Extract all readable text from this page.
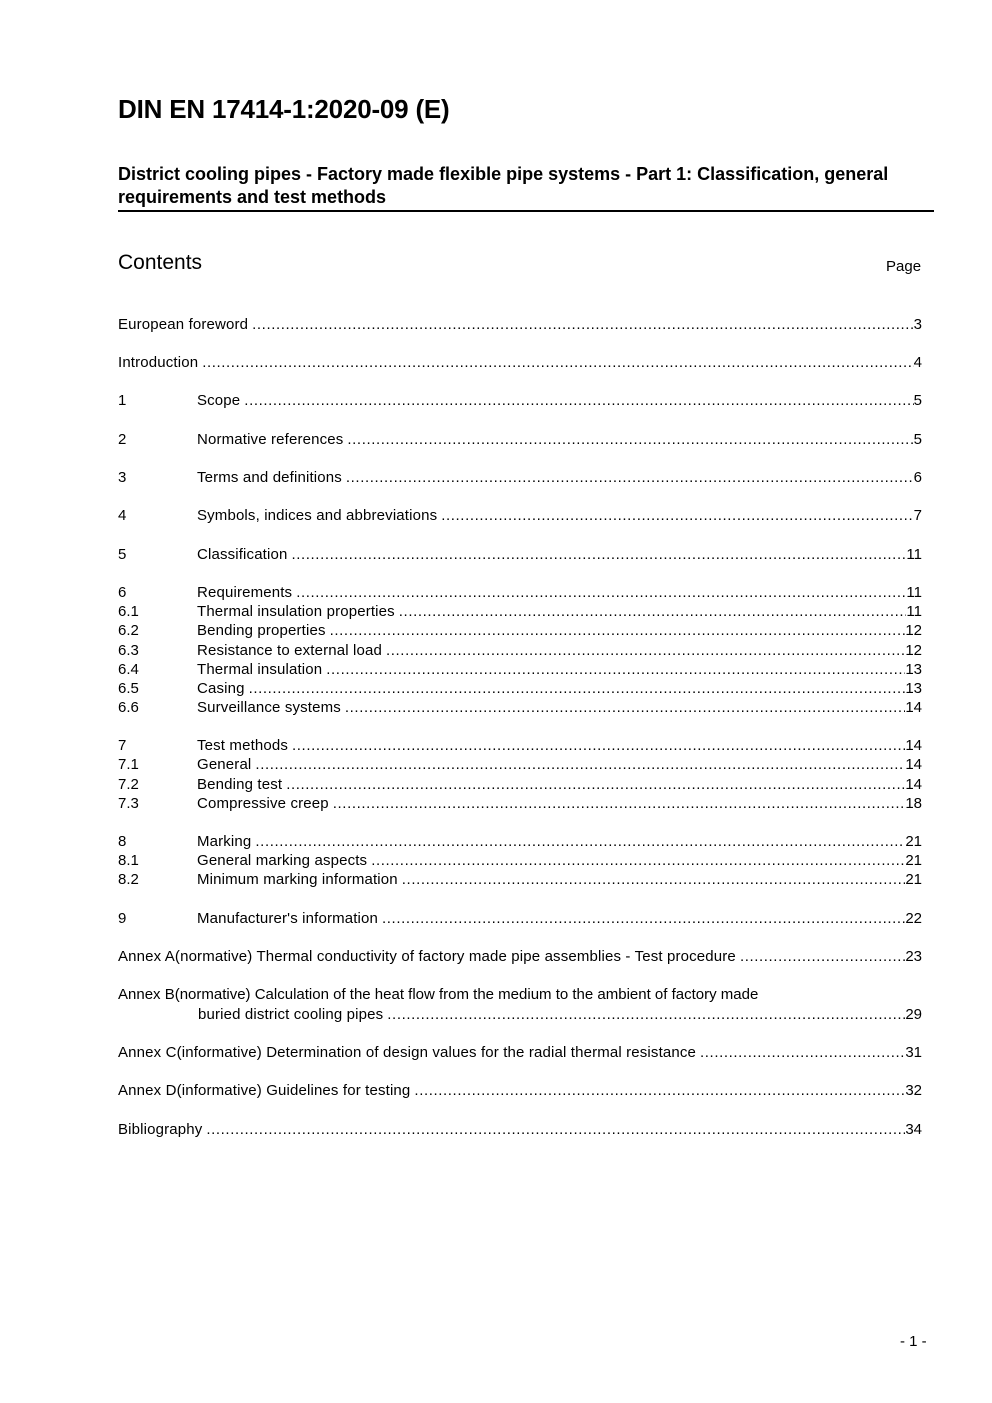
DIN EN 17414-1:2020-09 (E)
District cooling pipes - Factory made flexible pipe systems - Part 1: Classification, general requirements and test methods
Contents	Page
European foreword .....	3
Introduction .....	4
1	Scope .....	5
2	Normative references .....	5
3	Terms and definitions .....	6
4	Symbols, indices and abbreviations .....	7
5	Classification .....	11
6	Requirements .....	11
6.1	Thermal insulation properties .....	11
6.2	Bending properties .....	12
6.3	Resistance to external load .....	12
6.4	Thermal insulation .....	13
6.5	Casing .....	13
6.6	Surveillance systems .....	14
7	Test methods .....	14
7.1	General .....	14
7.2	Bending test .....	14
7.3	Compressive creep .....	18
8	Marking .....	21
8.1	General marking aspects .....	21
8.2	Minimum marking information .....	21
9	Manufacturer's information .....	22
Annex A(normative) Thermal conductivity of factory made pipe assemblies - Test procedure .....	23
Annex B(normative) Calculation of the heat flow from the medium to the ambient of factory made
buried district cooling pipes .....	29
Annex C(informative) Determination of design values for the radial thermal resistance .....	31
Annex D(informative) Guidelines for testing .....	32
Bibliography .....	34
- 1 -
